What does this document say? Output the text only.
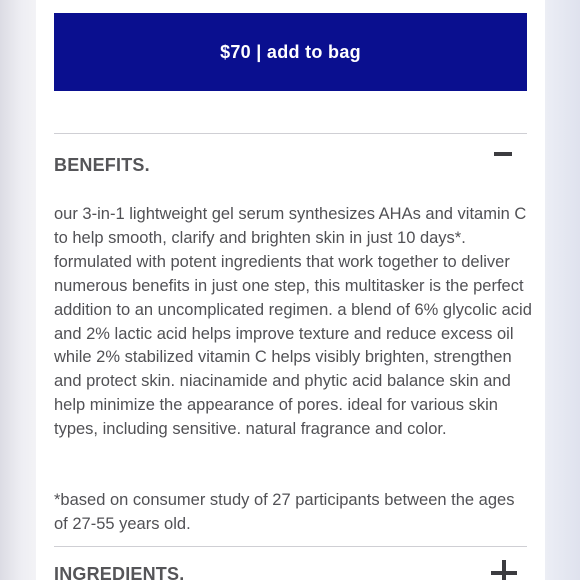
$70 | add to bag
BENEFITS.

our 3-in-1 lightweight gel serum synthesizes AHAs and vitamin C to help smooth, clarify and brighten skin in just 10 days*. formulated with potent ingredients that work together to deliver numerous benefits in just one step, this multitasker is the perfect addition to an uncomplicated regimen. a blend of 6% glycolic acid and 2% lactic acid helps improve texture and reduce excess oil while 2% stabilized vitamin C helps visibly brighten, strengthen and protect skin. niacinamide and phytic acid balance skin and help minimize the appearance of pores. ideal for various skin types, including sensitive. natural fragrance and color.

*based on consumer study of 27 participants between the ages of 27-55 years old.

INGREDIENTS.
